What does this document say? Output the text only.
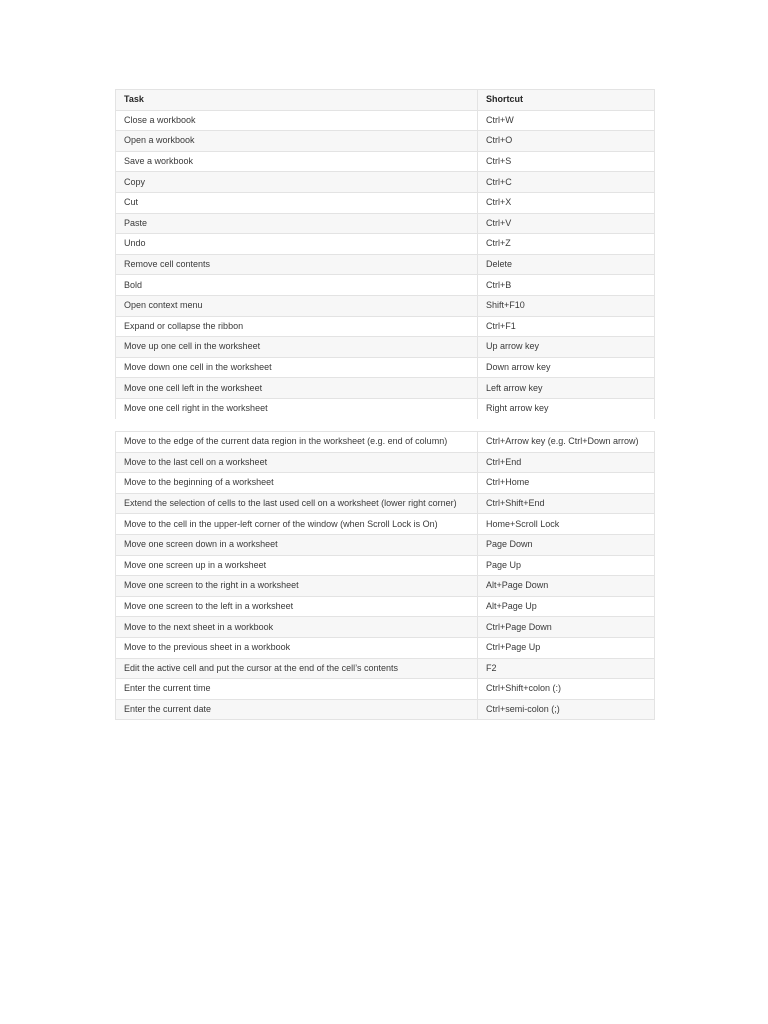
Task	Shortcut
Close a workbook	Ctrl+W
Open a workbook	Ctrl+O
Save a workbook	Ctrl+S
Copy	Ctrl+C
Cut	Ctrl+X
Paste	Ctrl+V
Undo	Ctrl+Z
Remove cell contents	Delete
Bold	Ctrl+B
Open context menu	Shift+F10
Expand or collapse the ribbon	Ctrl+F1
Move up one cell in the worksheet	Up arrow key
Move down one cell in the worksheet	Down arrow key
Move one cell left in the worksheet	Left arrow key
Move one cell right in the worksheet	Right arrow key
Move to the edge of the current data region in the worksheet (e.g. end of column)	Ctrl+Arrow key (e.g. Ctrl+Down arrow)
Move to the last cell on a worksheet	Ctrl+End
Move to the beginning of a worksheet	Ctrl+Home
Extend the selection of cells to the last used cell on a worksheet (lower right corner)	Ctrl+Shift+End
Move to the cell in the upper-left corner of the window (when Scroll Lock is On)	Home+Scroll Lock
Move one screen down in a worksheet	Page Down
Move one screen up in a worksheet	Page Up
Move one screen to the right in a worksheet	Alt+Page Down
Move one screen to the left in a worksheet	Alt+Page Up
Move to the next sheet in a workbook	Ctrl+Page Down
Move to the previous sheet in a workbook	Ctrl+Page Up
Edit the active cell and put the cursor at the end of the cell’s contents	F2
Enter the current time	Ctrl+Shift+colon (:)
Enter the current date	Ctrl+semi-colon (;)
